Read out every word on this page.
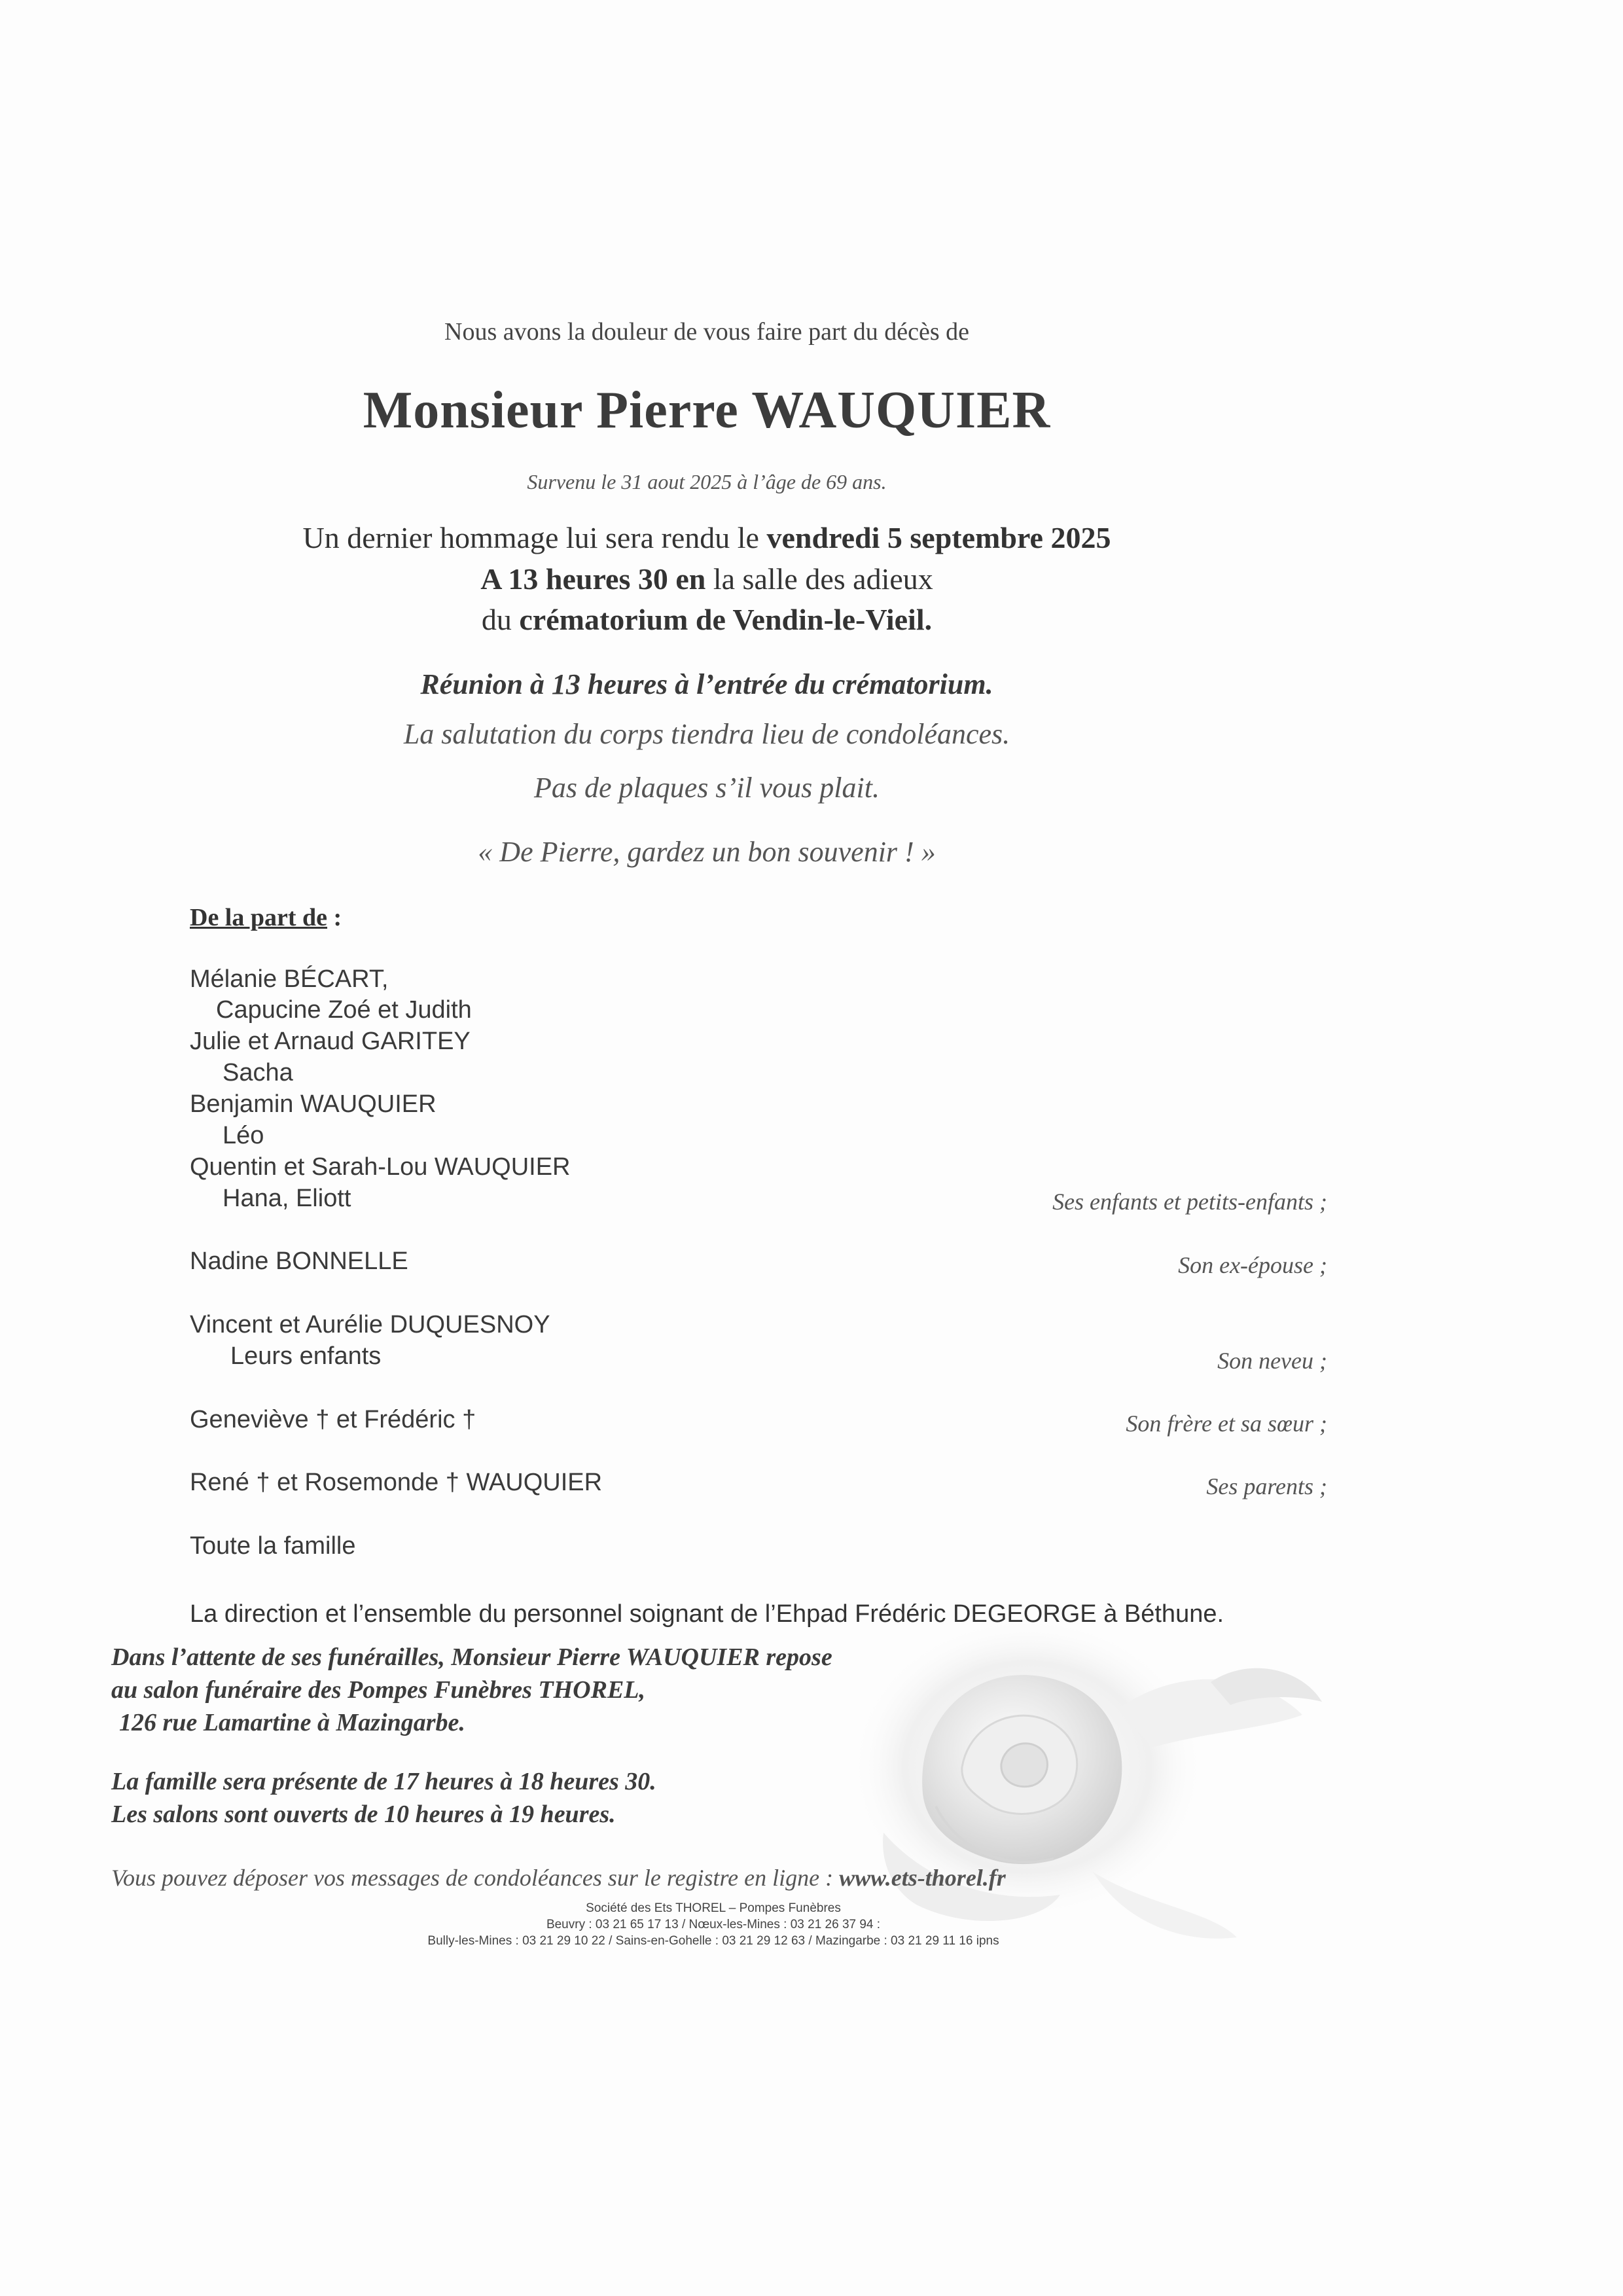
Nous avons la douleur de vous faire part du décès de
Monsieur Pierre WAUQUIER
Survenu le 31 aout 2025 à l’âge de 69 ans.
Un dernier hommage lui sera rendu le vendredi 5 septembre 2025
A 13 heures 30 en la salle des adieux
du crématorium de Vendin-le-Vieil.
Réunion à 13 heures à l’entrée du crématorium.
La salutation du corps tiendra lieu de condoléances.
Pas de plaques s’il vous plait.
« De Pierre, gardez un bon souvenir ! »
De la part de :
Mélanie BÉCART,
Capucine Zoé et Judith
Julie et Arnaud GARITEY
Sacha
Benjamin WAUQUIER
Léo
Quentin et Sarah-Lou WAUQUIER
Hana, Eliott
Nadine BONNELLE
Vincent et Aurélie DUQUESNOY
Leurs enfants
Geneviève † et Frédéric †
René † et Rosemonde † WAUQUIER
Toute la famille
Ses enfants et petits-enfants ;
Son ex-épouse ;
Son neveu ;
Son frère et sa sœur ;
Ses parents ;
La direction et l’ensemble du personnel soignant de l’Ehpad Frédéric DEGEORGE à Béthune.
Dans l’attente de ses funérailles, Monsieur Pierre WAUQUIER repose
au salon funéraire des Pompes Funèbres THOREL,
126 rue Lamartine à Mazingarbe.
La famille sera présente de 17 heures à 18 heures 30.
Les salons sont ouverts de 10 heures à 19 heures.
Vous pouvez déposer vos messages de condoléances sur le registre en ligne : www.ets-thorel.fr
Société des Ets THOREL – Pompes Funèbres
Beuvry : 03 21 65 17 13 / Nœux-les-Mines : 03 21 26 37 94 :
Bully-les-Mines : 03 21 29 10 22 / Sains-en-Gohelle : 03 21 29 12 63 / Mazingarbe : 03 21 29 11 16 ipns
